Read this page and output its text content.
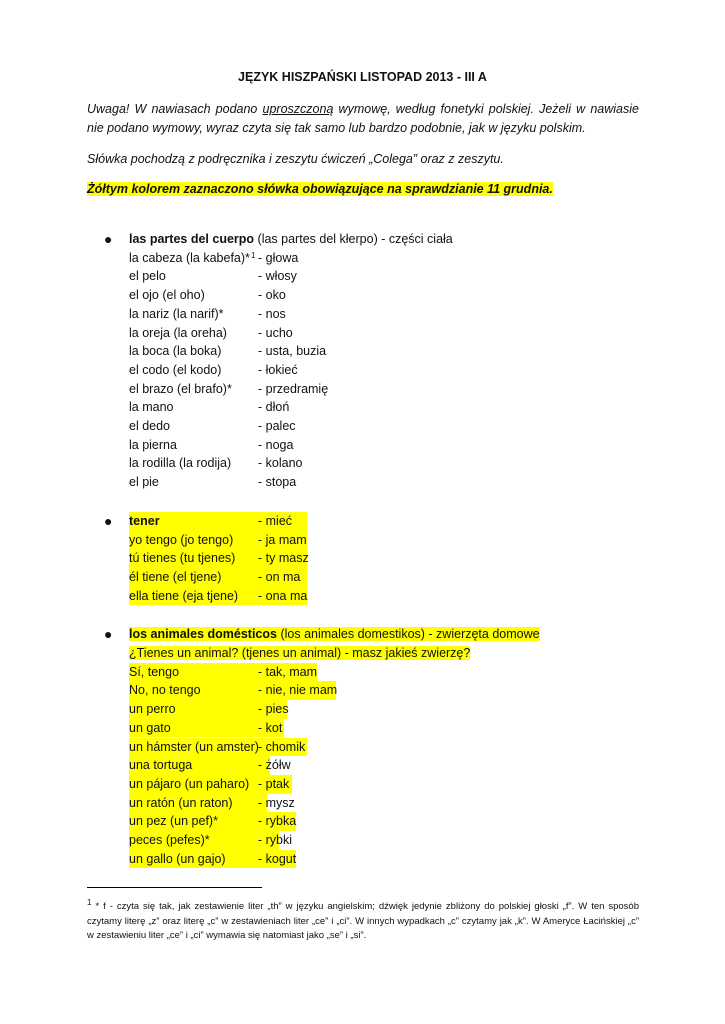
JĘZYK HISZPAŃSKI LISTOPAD 2013 - III A
Uwaga! W nawiasach podano uproszczoną wymowę, według fonetyki polskiej. Jeżeli w nawiasie nie podano wymowy, wyraz czyta się tak samo lub bardzo podobnie, jak w języku polskim.
Słówka pochodzą z podręcznika i zeszytu ćwiczeń „Colega” oraz z zeszytu.
Żółtym kolorem zaznaczono słówka obowiązujące na sprawdzianie 11 grudnia.
● las partes del cuerpo (las partes del kłerpo) - części ciała
la cabeza (la kabefa)* 1 - głowa
el pelo	- włosy
el ojo (el oho)	- oko
la nariz (la narif)*	- nos
la oreja (la oreha) - ucho
la boca (la boka)	- usta, buzia
el codo (el kodo)	- łokieć
el brazo (el brafo)* - przedramię
la mano	- dłoń
el dedo	- palec
la pierna	- noga
la rodilla (la rodija) - kolano
el pie	- stopa
● tener	- mieć
yo tengo (jo tengo) - ja mam
tú tienes (tu tjenes) - ty masz
él tiene (el tjene)	- on ma
ella tiene (eja tjene) - ona ma
● los animales domésticos (los animales domestikos) - zwierzęta domowe
¿Tienes un animal? (tjenes un animal) - masz jakieś zwierzę?
Sí, tengo	- tak, mam
No, no tengo	- nie, nie mam
un perro	- pies
un gato	- kot
un hámster (un amster) - chomik
una tortuga	- żółw
un pájaro (un paharo) - ptak
un ratón (un raton) - mysz
un pez (un pef)*	- rybka
peces (pefes)*	- rybki
un gallo (un gajo)	- kogut
$^1$ * f - czyta się tak, jak zestawienie liter „th” w języku angielskim; dźwięk jedynie zbliżony do polskiej głoski „f”. W ten sposób czytamy literę „z” oraz literę „c” w zestawieniach liter „ce” i „ci”. W innych wypadkach „c” czytamy jak „k”. W Ameryce Łacińskiej „c” w zestawieniu liter „ce” i „ci” wymawia się natomiast jako „se” i „si”.
